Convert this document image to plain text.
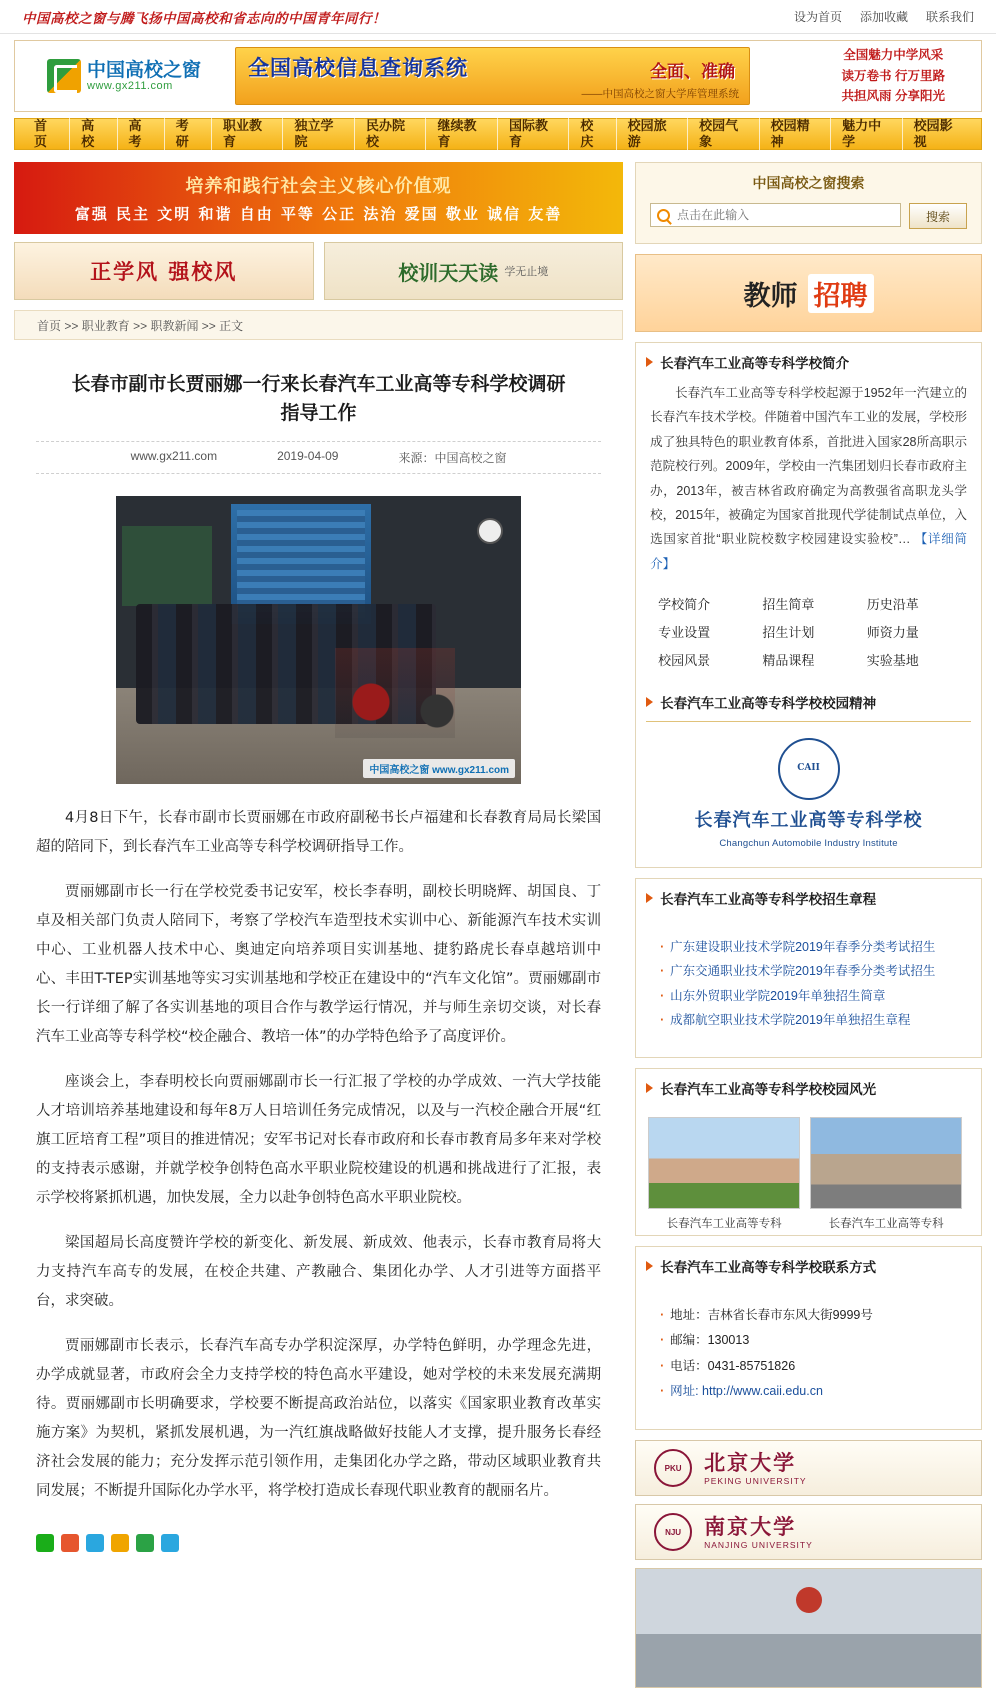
中国高校之窗与腾飞扬中国高校和省志向的中国青年同行！	设为首页 添加收藏 联系我们
中国高校之窗
www.gx211.com
全国高校信息查询系统	全面、准确
——中国高校之窗大学库管理系统
全国魅力中学风采
读万卷书 行万里路
共担风雨 分享阳光
首页
高校
高考
考研
职业教育
独立学院
民办院校
继续教育
国际教育
校庆
校园旅游
校园气象
校园精神
魅力中学
校园影视
培养和践行社会主义核心价值观
富强 民主 文明 和谐 自由 平等 公正 法治 爱国 敬业 诚信 友善
正学风 强校风	校训天天读 学无止境
首页 >> 职业教育 >> 职教新闻 >> 正文
长春市副市长贾丽娜一行来长春汽车工业高等专科学校调研指导工作
www.gx211.com	2019-04-09	来源：中国高校之窗
中国高校之窗 www.gx211.com

4月8日下午，长春市副市长贾丽娜在市政府副秘书长卢福建和长春教育局局长梁国超的陪同下，到长春汽车工业高等专科学校调研指导工作。

贾丽娜副市长一行在学校党委书记安军，校长李春明，副校长明晓辉、胡国良、丁卓及相关部门负责人陪同下，考察了学校汽车造型技术实训中心、新能源汽车技术实训中心、工业机器人技术中心、奥迪定向培养项目实训基地、捷豹路虎长春卓越培训中心、丰田T-TEP实训基地等实习实训基地和学校正在建设中的“汽车文化馆”。贾丽娜副市长一行详细了解了各实训基地的项目合作与教学运行情况，并与师生亲切交谈，对长春汽车工业高等专科学校“校企融合、教培一体”的办学特色给予了高度评价。

座谈会上，李春明校长向贾丽娜副市长一行汇报了学校的办学成效、一汽大学技能人才培训培养基地建设和每年8万人日培训任务完成情况，以及与一汽校企融合开展“红旗工匠培育工程”项目的推进情况；安军书记对长春市政府和长春市教育局多年来对学校的支持表示感谢，并就学校争创特色高水平职业院校建设的机遇和挑战进行了汇报，表示学校将紧抓机遇，加快发展，全力以赴争创特色高水平职业院校。

梁国超局长高度赞许学校的新变化、新发展、新成效、他表示，长春市教育局将大力支持汽车高专的发展，在校企共建、产教融合、集团化办学、人才引进等方面搭平台，求突破。

贾丽娜副市长表示，长春汽车高专办学积淀深厚，办学特色鲜明，办学理念先进，办学成就显著，市政府会全力支持学校的特色高水平建设，她对学校的未来发展充满期待。贾丽娜副市长明确要求，学校要不断提高政治站位，以落实《国家职业教育改革实施方案》为契机，紧抓发展机遇，为一汽红旗战略做好技能人才支撑，提升服务长春经济社会发展的能力；充分发挥示范引领作用，走集团化办学之路，带动区域职业教育共同发展；不断提升国际化办学水平，将学校打造成长春现代职业教育的靓丽名片。

中国高校之窗搜索
点击在此输入
搜索
教师 招聘
长春汽车工业高等专科学校简介
长春汽车工业高等专科学校起源于1952年一汽建立的长春汽车技术学校。伴随着中国汽车工业的发展，学校形成了独具特色的职业教育体系，首批进入国家28所高职示范院校行列。2009年，学校由一汽集团划归长春市政府主办，2013年，被吉林省政府确定为高教强省高职龙头学校，2015年，被确定为国家首批现代学徒制试点单位，入选国家首批“职业院校数字校园建设实验校”… 【详细简介】
学校简介	招生简章	历史沿革
专业设置	招生计划	师资力量
校园风景	精品课程	实验基地
长春汽车工业高等专科学校校园精神
CAII
长春汽车工业高等专科学校
Changchun Automobile Industry Institute
长春汽车工业高等专科学校招生章程
· 广东建设职业技术学院2019年春季分类考试招生
· 广东交通职业技术学院2019年春季分类考试招生
· 山东外贸职业学院2019年单独招生简章
· 成都航空职业技术学院2019年单独招生章程
长春汽车工业高等专科学校校园风光
长春汽车工业高等专科	长春汽车工业高等专科
长春汽车工业高等专科学校联系方式
· 地址：吉林省长春市东风大街9999号
· 邮编：130013
· 电话：0431-85751826
· 网址: http://www.caii.edu.cn
PKU	北京大学
PEKING UNIVERSITY
NJU	南京大学
NANJING UNIVERSITY
